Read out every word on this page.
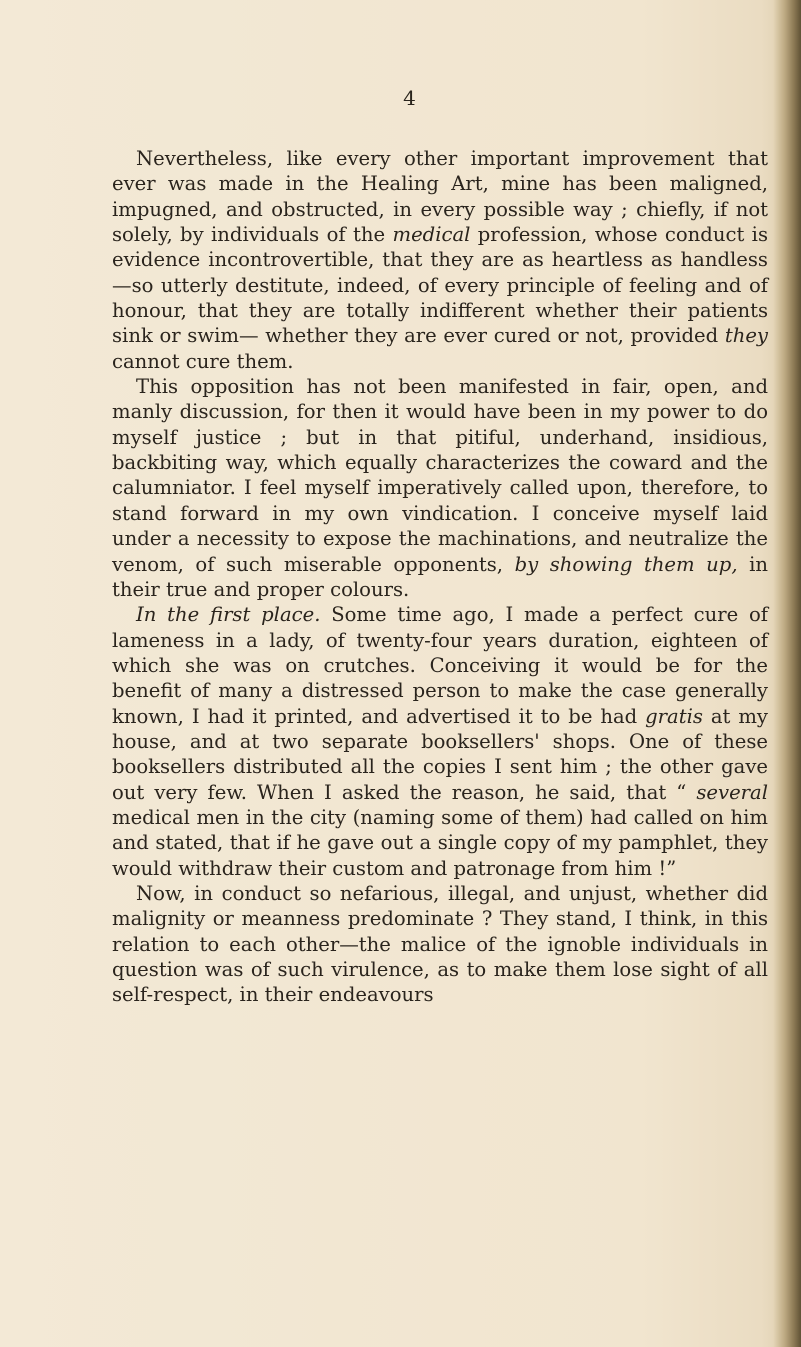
4

Nevertheless, like every other important improvement that ever was made in the Healing Art, mine has been maligned, impugned, and obstructed, in every possible way ; chiefly, if not solely, by individuals of the medical profession, whose conduct is evidence incontrovertible, that they are as heartless as handless—so utterly destitute, indeed, of every principle of feeling and of honour, that they are totally indifferent whether their patients sink or swim— whether they are ever cured or not, provided they cannot cure them.

This opposition has not been manifested in fair, open, and manly discussion, for then it would have been in my power to do myself justice ; but in that pitiful, underhand, insidious, backbiting way, which equally characterizes the coward and the calumniator. I feel myself imperatively called upon, therefore, to stand forward in my own vindication. I conceive myself laid under a necessity to expose the machinations, and neutralize the venom, of such miserable opponents, by showing them up, in their true and proper colours.

In the first place. Some time ago, I made a perfect cure of lameness in a lady, of twenty-four years duration, eighteen of which she was on crutches. Conceiving it would be for the benefit of many a distressed person to make the case generally known, I had it printed, and advertised it to be had gratis at my house, and at two separate booksellers' shops. One of these booksellers distributed all the copies I sent him ; the other gave out very few. When I asked the reason, he said, that “ several medical men in the city (naming some of them) had called on him and stated, that if he gave out a single copy of my pamphlet, they would withdraw their custom and patronage from him !”

Now, in conduct so nefarious, illegal, and unjust, whether did malignity or meanness predominate ? They stand, I think, in this relation to each other—the malice of the ignoble individuals in question was of such virulence, as to make them lose sight of all self-respect, in their endeavours
